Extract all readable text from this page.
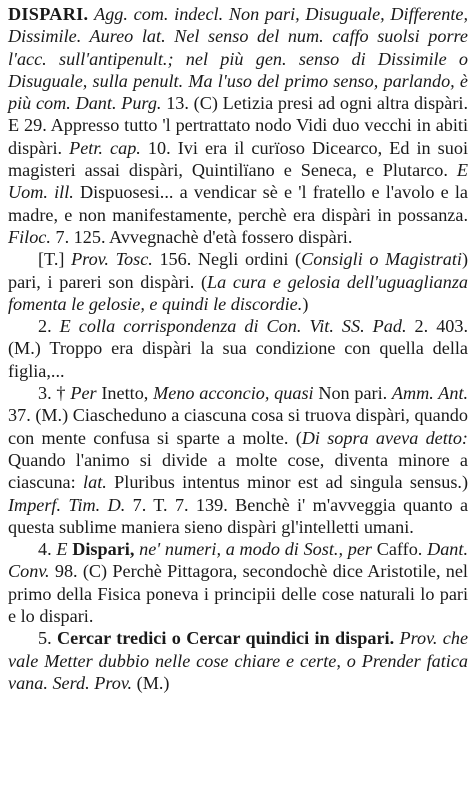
DISPARI. Agg. com. indecl. Non pari, Disuguale, Differente, Dissimile. Aureo lat. Nel senso del num. caffo suolsi porre l'acc. sull'antipenult.; nel più gen. senso di Dissimile o Disuguale, sulla penult. Ma l'uso del primo senso, parlando, è più com. Dant. Purg. 13. (C) Letizia presi ad ogni altra dispàri. E 29. Appresso tutto 'l pertrattato nodo Vidi duo vecchi in abiti dispàri. Petr. cap. 10. Ivi era il curïoso Dicearco, Ed in suoi magisteri assai dispàri, Quintilïano e Seneca, e Plutarco. E Uom. ill. Dispuosesi... a vendicar sè e 'l fratello e l'avolo e la madre, e non manifestamente, perchè era dispàri in possanza. Filoc. 7. 125. Avvegnachè d'età fossero dispàri.

[T.] Prov. Tosc. 156. Negli ordini (Consigli o Magistrati) pari, i pareri son dispàri. (La cura e gelosia dell'uguaglianza fomenta le gelosie, e quindi le discordie.)

2. E colla corrispondenza di Con. Vit. SS. Pad. 2. 403. (M.) Troppo era dispàri la sua condizione con quella della figlia,...

3. † Per Inetto, Meno acconcio, quasi Non pari. Amm. Ant. 37. (M.) Ciascheduno a ciascuna cosa si truova dispàri, quando con mente confusa si sparte a molte. (Di sopra aveva detto: Quando l'animo si divide a molte cose, diventa minore a ciascuna: lat. Pluribus intentus minor est ad singula sensus.) Imperf. Tim. D. 7. T. 7. 139. Benchè i' m'avveggia quanto a questa sublime maniera sieno dispàri gl'intelletti umani.

4. E Dispari, ne' numeri, a modo di Sost., per Caffo. Dant. Conv. 98. (C) Perchè Pittagora, secondochè dice Aristotile, nel primo della Fisica poneva i principii delle cose naturali lo pari e lo dispari.

5. Cercar tredici o Cercar quindici in dispari. Prov. che vale Metter dubbio nelle cose chiare e certe, o Prender fatica vana. Serd. Prov. (M.)
